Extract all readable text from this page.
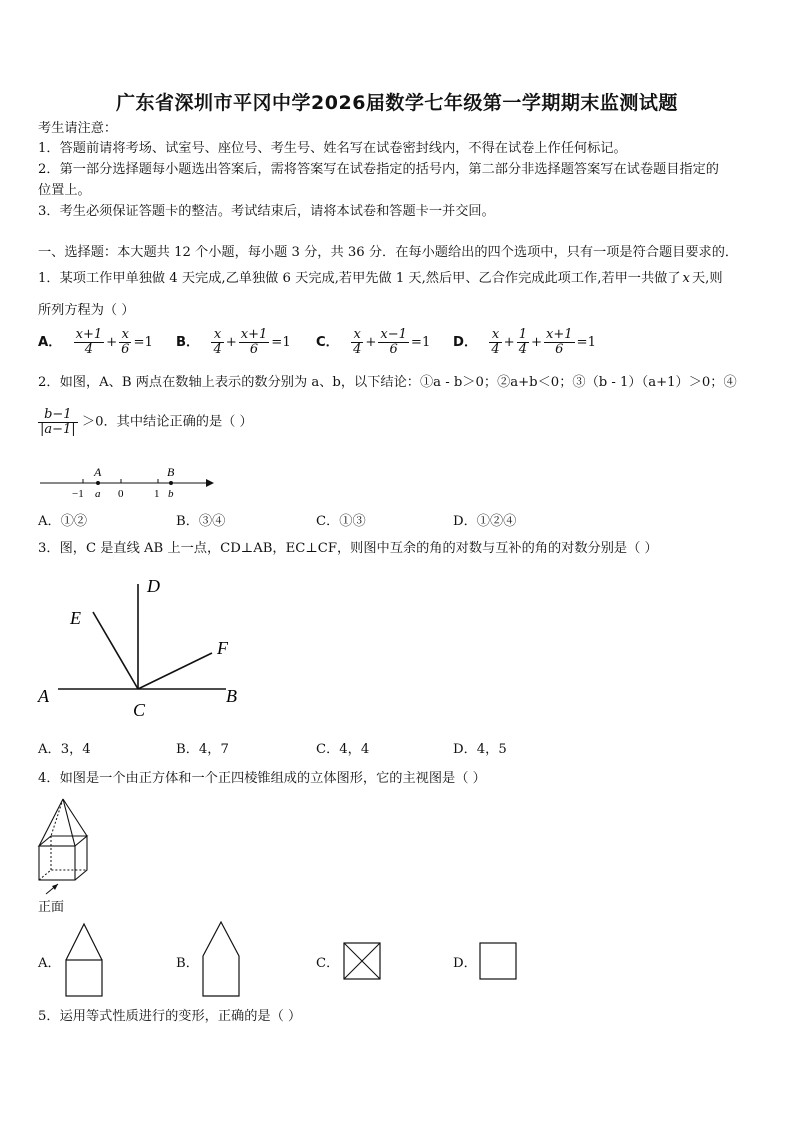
广东省深圳市平冈中学2026届数学七年级第一学期期末监测试题
考生请注意：
1．答题前请将考场、试室号、座位号、考生号、姓名写在试卷密封线内，不得在试卷上作任何标记。
2．第一部分选择题每小题选出答案后，需将答案写在试卷指定的括号内，第二部分非选择题答案写在试卷题目指定的
位置上。
3．考生必须保证答题卡的整洁。考试结束后，请将本试卷和答题卡一并交回。
一、选择题：本大题共 12 个小题，每小题 3 分，共 36 分．在每小题给出的四个选项中，只有一项是符合题目要求的．
1．某项工作甲单独做 4 天完成,乙单独做 6 天完成,若甲先做 1 天,然后甲、乙合作完成此项工作,若甲一共做了 x 天,则
所列方程为（ ）
A． $\frac{x+1}{4} + \frac{x}{6} =1$ B． $\frac{x}{4} + \frac{x+1}{6} =1$ C． $\frac{x}{4} + \frac{x-1}{6} =1$ D． $\frac{x}{4} + \frac{1}{4} + \frac{x+1}{6} =1$
2．如图，A、B 两点在数轴上表示的数分别为 a、b，以下结论：①a - b＞0；②a+b＜0；③（b - 1）（a+1）＞0；④
$\frac{b-1}{|a-1|} >0$．其中结论正确的是（ ）
A	B
−1 a 0	1 b
A．①②	B．③④	C．①③	D．①②④
3．图，C 是直线 AB 上一点，CD⊥AB，EC⊥CF，则图中互余的角的对数与互补的角的对数分别是（ ）
A	B
C
D
E
F
A．3，4	B．4，7	C．4，4	D．4，5
4．如图是一个由正方体和一个正四棱锥组成的立体图形，它的主视图是（ ）
正面
A．	B．	C．	D．
5．运用等式性质进行的变形，正确的是（ ）
